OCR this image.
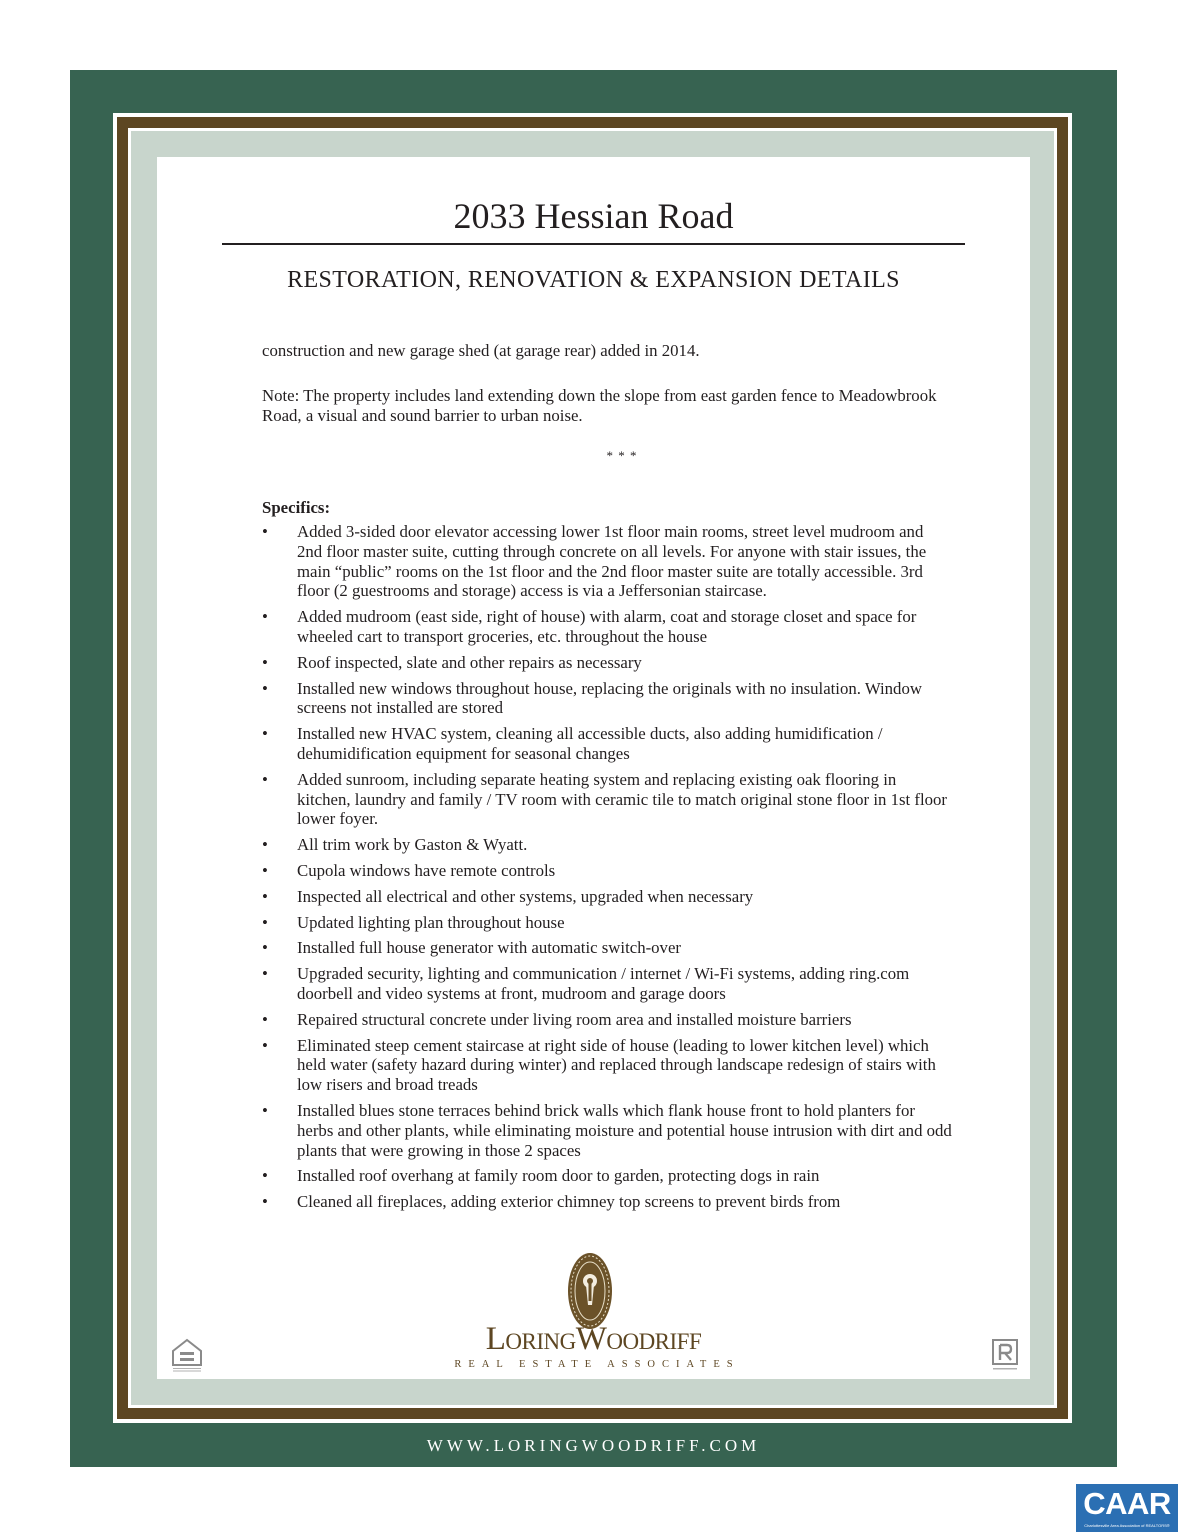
2033 Hessian Road
RESTORATION, RENOVATION & EXPANSION DETAILS

construction and new garage shed (at garage rear) added in 2014.

Note: The property includes land extending down the slope from east garden fence to Meadowbrook Road, a visual and sound barrier to urban noise.

* * *

Specifics:

• Added 3-sided door elevator accessing lower 1st floor main rooms, street level mudroom and 2nd floor master suite, cutting through concrete on all levels. For anyone with stair issues, the main “public” rooms on the 1st floor and the 2nd floor master suite are totally accessible. 3rd floor (2 guestrooms and storage) access is via a Jeffersonian staircase.
• Added mudroom (east side, right of house) with alarm, coat and storage closet and space for wheeled cart to transport groceries, etc. throughout the house
• Roof inspected, slate and other repairs as necessary
• Installed new windows throughout house, replacing the originals with no insulation. Window screens not installed are stored
• Installed new HVAC system, cleaning all accessible ducts, also adding humidification / dehumidification equipment for seasonal changes
• Added sunroom, including separate heating system and replacing existing oak flooring in kitchen, laundry and family / TV room with ceramic tile to match original stone floor in 1st floor lower foyer.
• All trim work by Gaston & Wyatt.
• Cupola windows have remote controls
• Inspected all electrical and other systems, upgraded when necessary
• Updated lighting plan throughout house
• Installed full house generator with automatic switch-over
• Upgraded security, lighting and communication / internet / Wi-Fi systems, adding ring.com doorbell and video systems at front, mudroom and garage doors
• Repaired structural concrete under living room area and installed moisture barriers
• Eliminated steep cement staircase at right side of house (leading to lower kitchen level) which held water (safety hazard during winter) and replaced through landscape redesign of stairs with low risers and broad treads
• Installed blues stone terraces behind brick walls which flank house front to hold planters for herbs and other plants, while eliminating moisture and potential house intrusion with dirt and odd plants that were growing in those 2 spaces
• Installed roof overhang at family room door to garden, protecting dogs in rain
• Cleaned all fireplaces, adding exterior chimney top screens to prevent birds from
LoringWoodriff
REAL ESTATE ASSOCIATES
WWW.LORINGWOODRIFF.COM
CAAR
Charlottesville Area Association of REALTORS®
